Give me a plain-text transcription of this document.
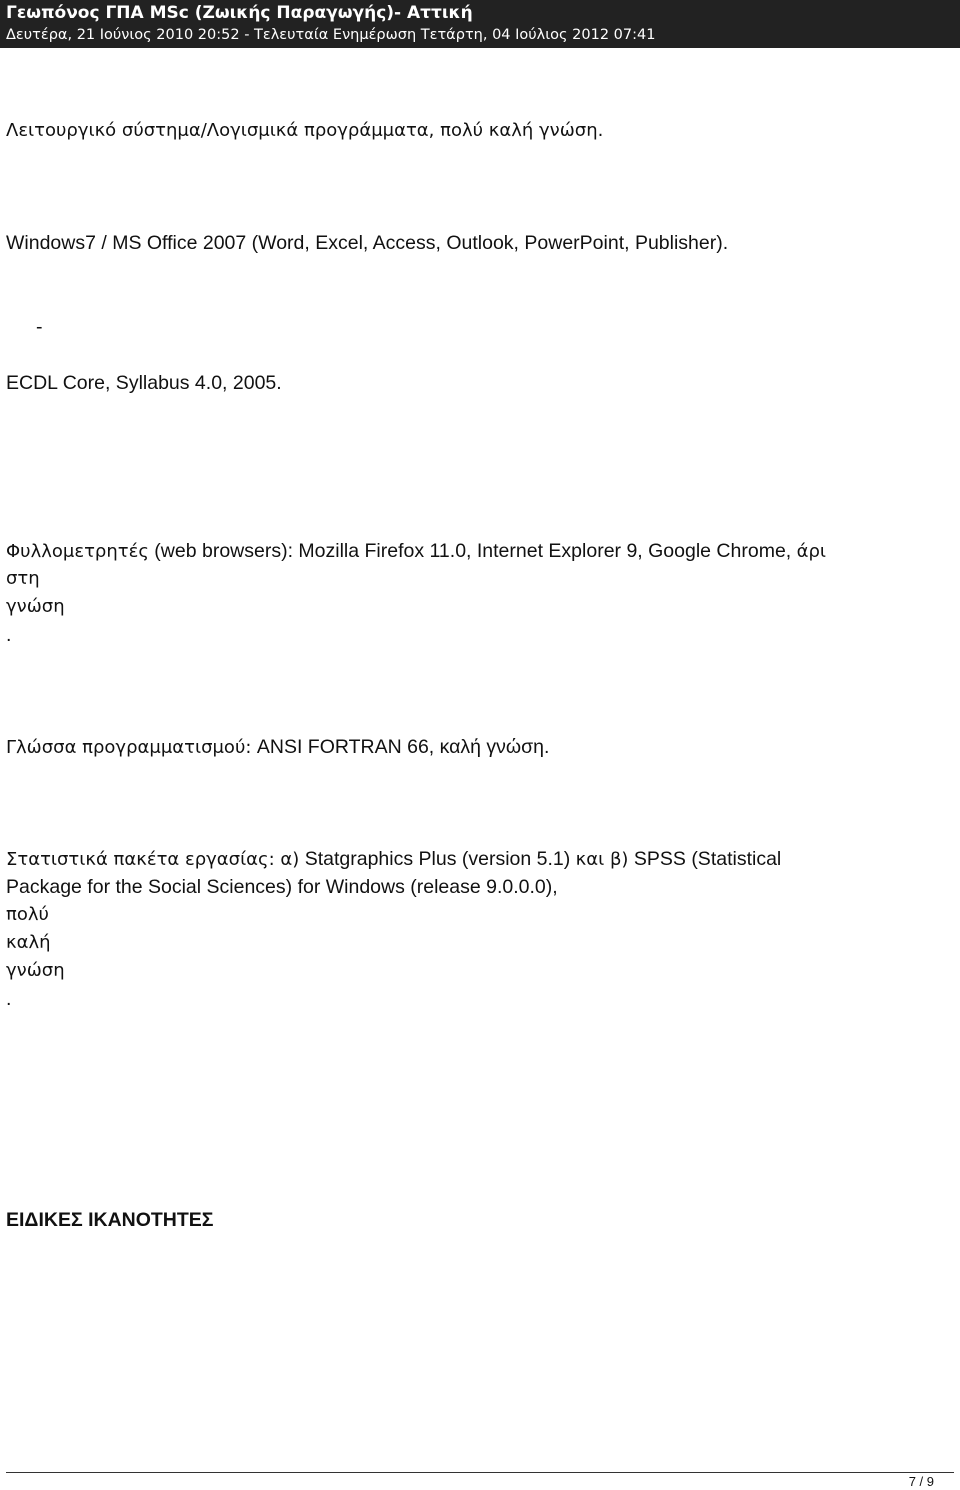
Γεωπόνος ΓΠΑ MSc (Ζωικής Παραγωγής)- Αττική
Δευτέρα, 21 Ιούνιος 2010 20:52 - Τελευταία Ενημέρωση Τετάρτη, 04 Ιούλιος 2012 07:41
Λειτουργικό σύστημα/Λογισμικά προγράμματα, πολύ καλή γνώση.
Windows7 / MS Office 2007 (Word, Excel, Access, Outlook, PowerPoint, Publisher).
-
ECDL Core, Syllabus 4.0, 2005.
Φυλλομετρητές (web browsers): Mozilla Firefox 11.0, Internet Explorer 9, Google Chrome, άρι
στη
γνώση
.
Γλώσσα προγραμματισμού: ANSI FORTRAN 66, καλή γνώση.
Στατιστικά πακέτα εργασίας: α) Statgraphics Plus (version 5.1) και β) SPSS (Statistical
Package for the Social Sciences) for Windows (release 9.0.0.0),
πολύ
καλή
γνώση
.
ΕΙΔΙΚΕΣ ΙΚΑΝΟΤΗΤΕΣ
7 / 9
